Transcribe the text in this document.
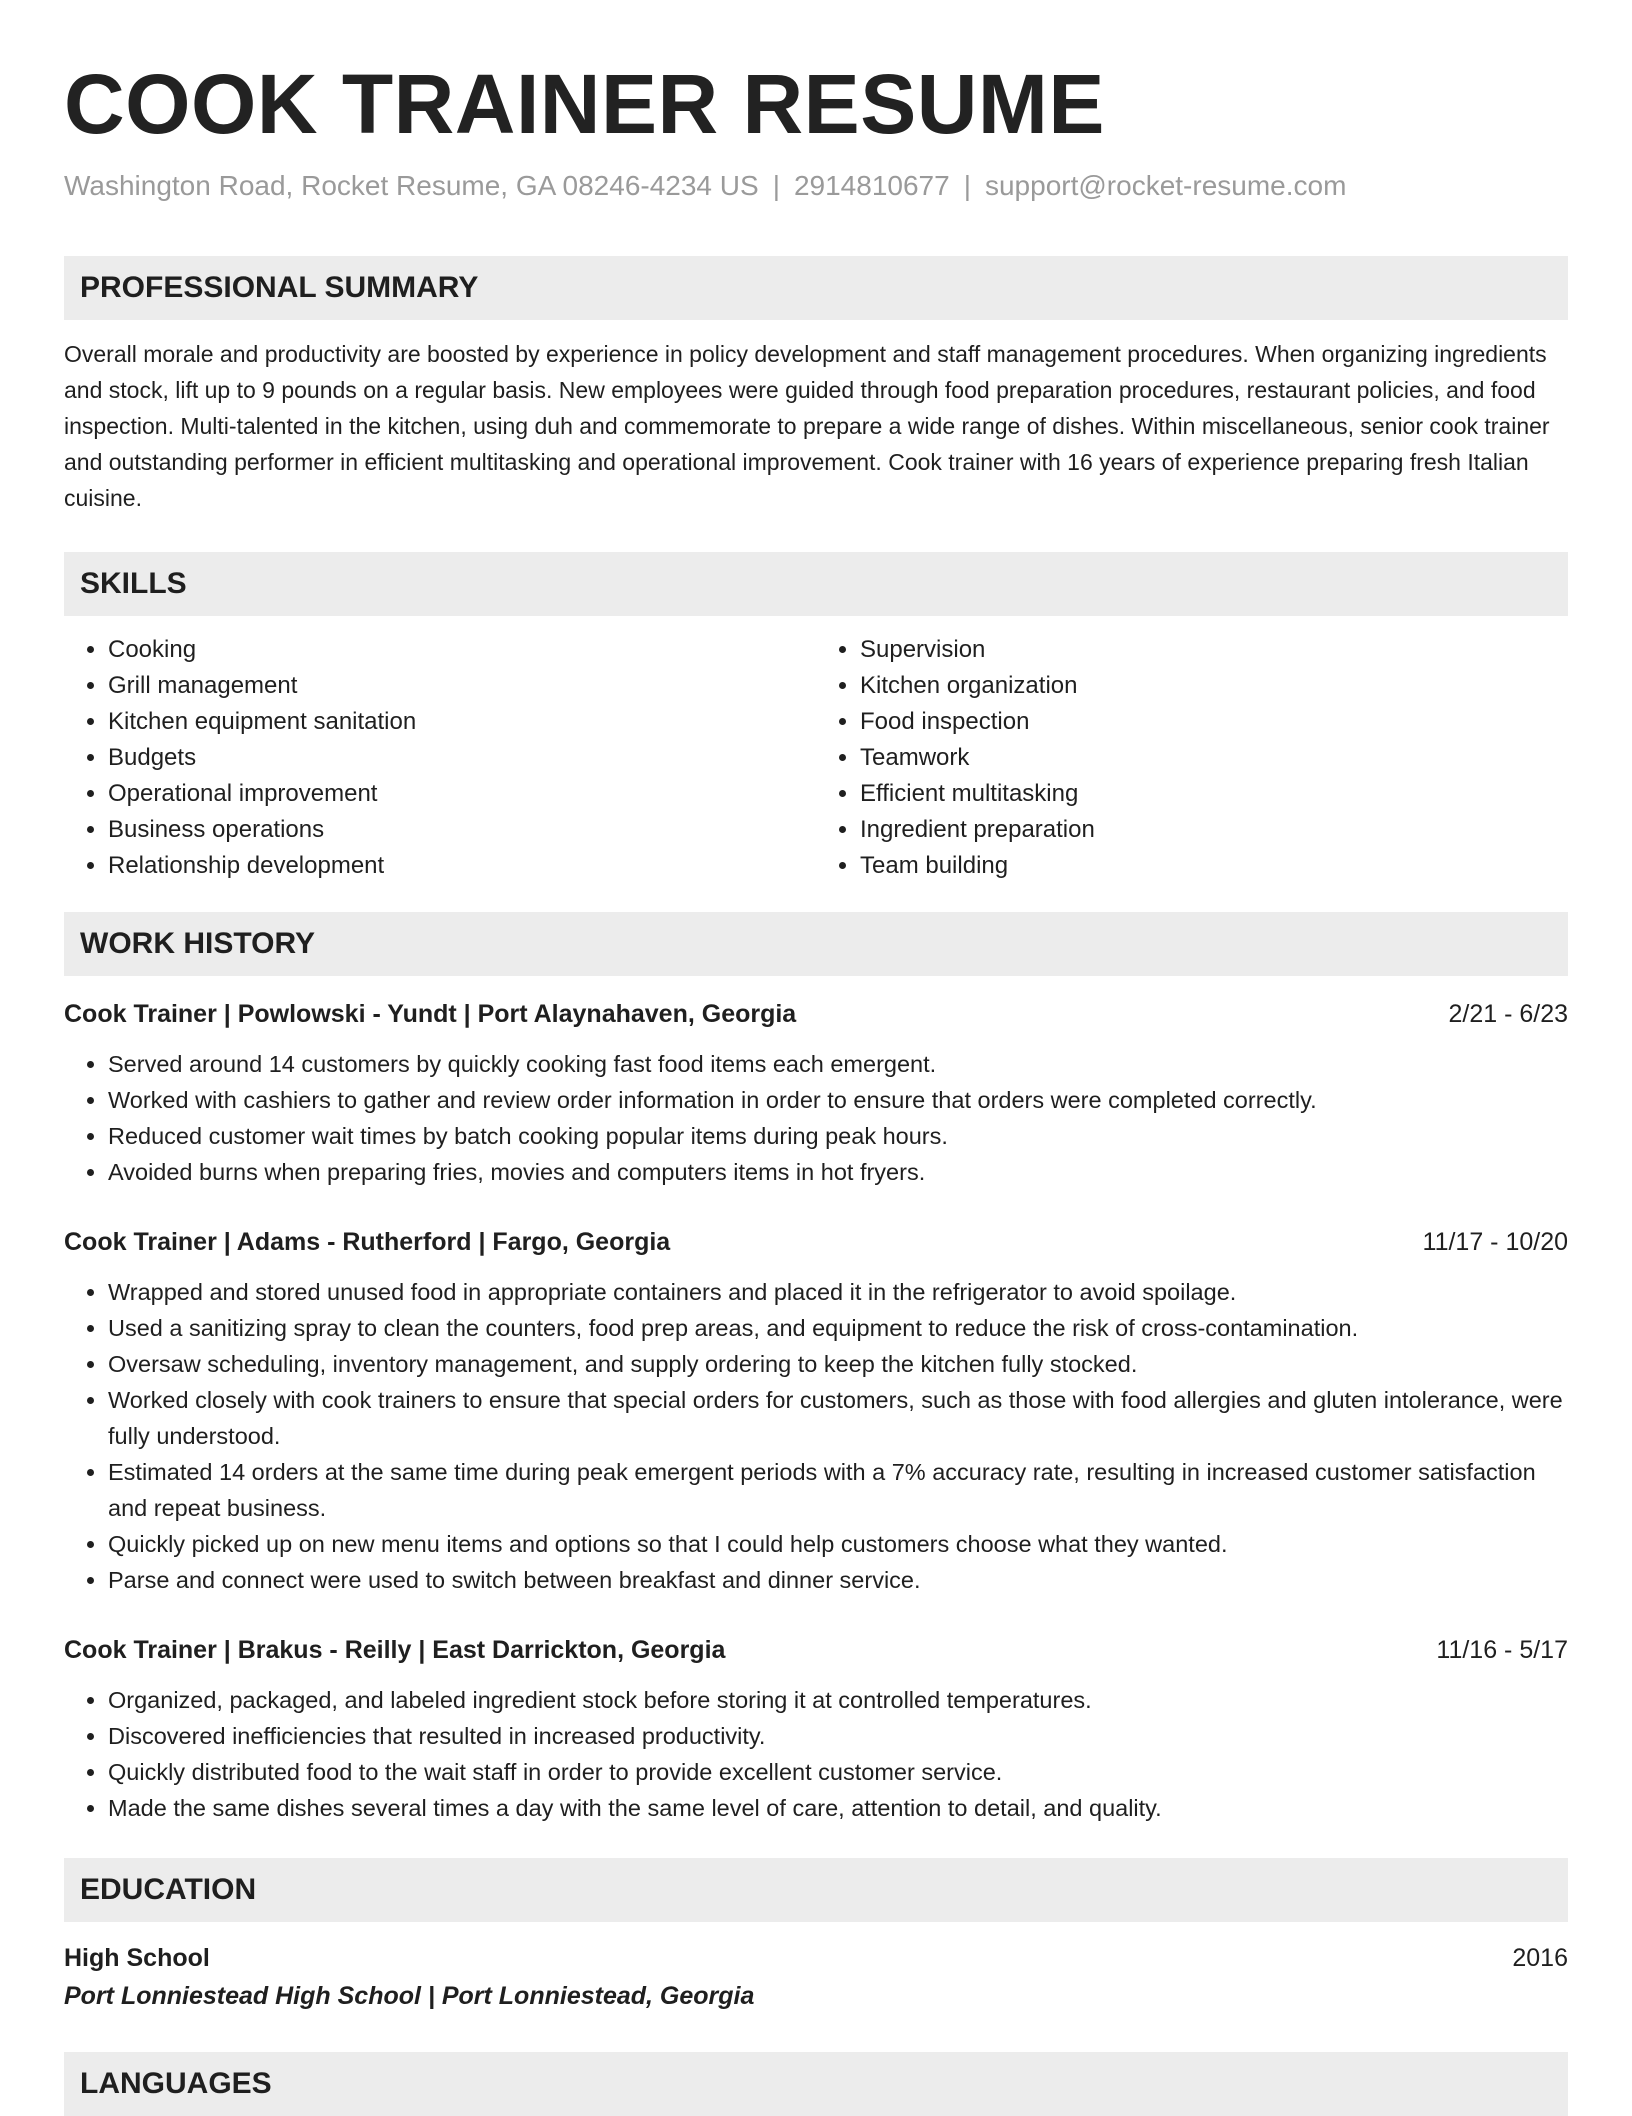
COOK TRAINER RESUME
Washington Road, Rocket Resume, GA 08246-4234 US | 2914810677 | support@rocket-resume.com
PROFESSIONAL SUMMARY

Overall morale and productivity are boosted by experience in policy development and staff management procedures. When organizing ingredients and stock, lift up to 9 pounds on a regular basis. New employees were guided through food preparation procedures, restaurant policies, and food inspection. Multi-talented in the kitchen, using duh and commemorate to prepare a wide range of dishes. Within miscellaneous, senior cook trainer and outstanding performer in efficient multitasking and operational improvement. Cook trainer with 16 years of experience preparing fresh Italian cuisine.

SKILLS
• Cooking
• Grill management
• Kitchen equipment sanitation
• Budgets
• Operational improvement
• Business operations
• Relationship development
• Supervision
• Kitchen organization
• Food inspection
• Teamwork
• Efficient multitasking
• Ingredient preparation
• Team building
WORK HISTORY
Cook Trainer | Powlowski - Yundt | Port Alaynahaven, Georgia	2/21 - 6/23
• Served around 14 customers by quickly cooking fast food items each emergent.
• Worked with cashiers to gather and review order information in order to ensure that orders were completed correctly.
• Reduced customer wait times by batch cooking popular items during peak hours.
• Avoided burns when preparing fries, movies and computers items in hot fryers.
Cook Trainer | Adams - Rutherford | Fargo, Georgia	11/17 - 10/20
• Wrapped and stored unused food in appropriate containers and placed it in the refrigerator to avoid spoilage.
• Used a sanitizing spray to clean the counters, food prep areas, and equipment to reduce the risk of cross-contamination.
• Oversaw scheduling, inventory management, and supply ordering to keep the kitchen fully stocked.
• Worked closely with cook trainers to ensure that special orders for customers, such as those with food allergies and gluten intolerance, were fully understood.
• Estimated 14 orders at the same time during peak emergent periods with a 7% accuracy rate, resulting in increased customer satisfaction and repeat business.
• Quickly picked up on new menu items and options so that I could help customers choose what they wanted.
• Parse and connect were used to switch between breakfast and dinner service.
Cook Trainer | Brakus - Reilly | East Darrickton, Georgia	11/16 - 5/17
• Organized, packaged, and labeled ingredient stock before storing it at controlled temperatures.
• Discovered inefficiencies that resulted in increased productivity.
• Quickly distributed food to the wait staff in order to provide excellent customer service.
• Made the same dishes several times a day with the same level of care, attention to detail, and quality.
EDUCATION
High School	2016
Port Lonniestead High School | Port Lonniestead, Georgia
LANGUAGES
